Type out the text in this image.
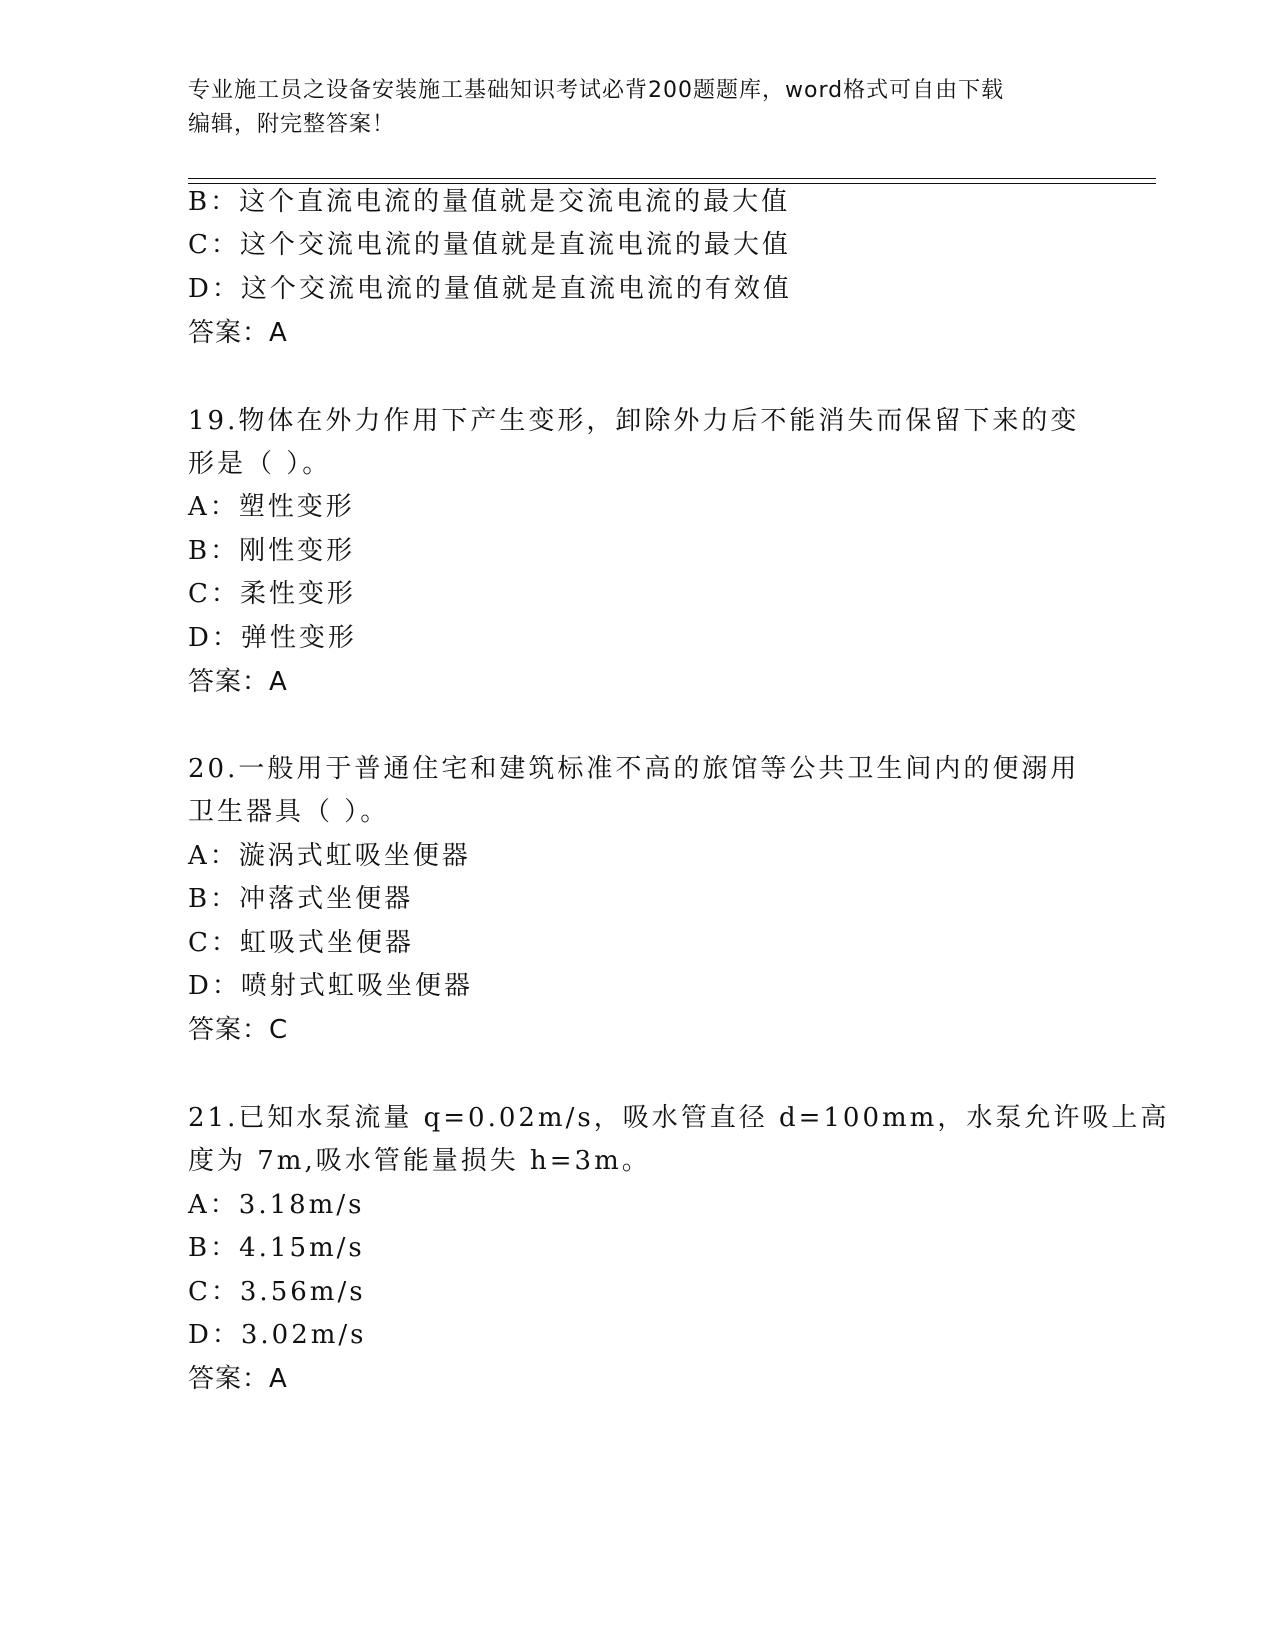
专业施工员之设备安装施工基础知识考试必背200题题库，word格式可自由下载
编辑，附完整答案！
B：这个直流电流的量值就是交流电流的最大值
C：这个交流电流的量值就是直流电流的最大值
D：这个交流电流的量值就是直流电流的有效值
答案：A
19.物体在外力作用下产生变形，卸除外力后不能消失而保留下来的变
形是（ ）。
A：塑性变形
B：刚性变形
C：柔性变形
D：弹性变形
答案：A
20.一般用于普通住宅和建筑标准不高的旅馆等公共卫生间内的便溺用
卫生器具（ ）。
A：漩涡式虹吸坐便器
B：冲落式坐便器
C：虹吸式坐便器
D：喷射式虹吸坐便器
答案：C
21.已知水泵流量 q=0.02m/s，吸水管直径 d=100mm，水泵允许吸上高
度为 7m,吸水管能量损失 h=3m。
A：3.18m/s
B：4.15m/s
C：3.56m/s
D：3.02m/s
答案：A
